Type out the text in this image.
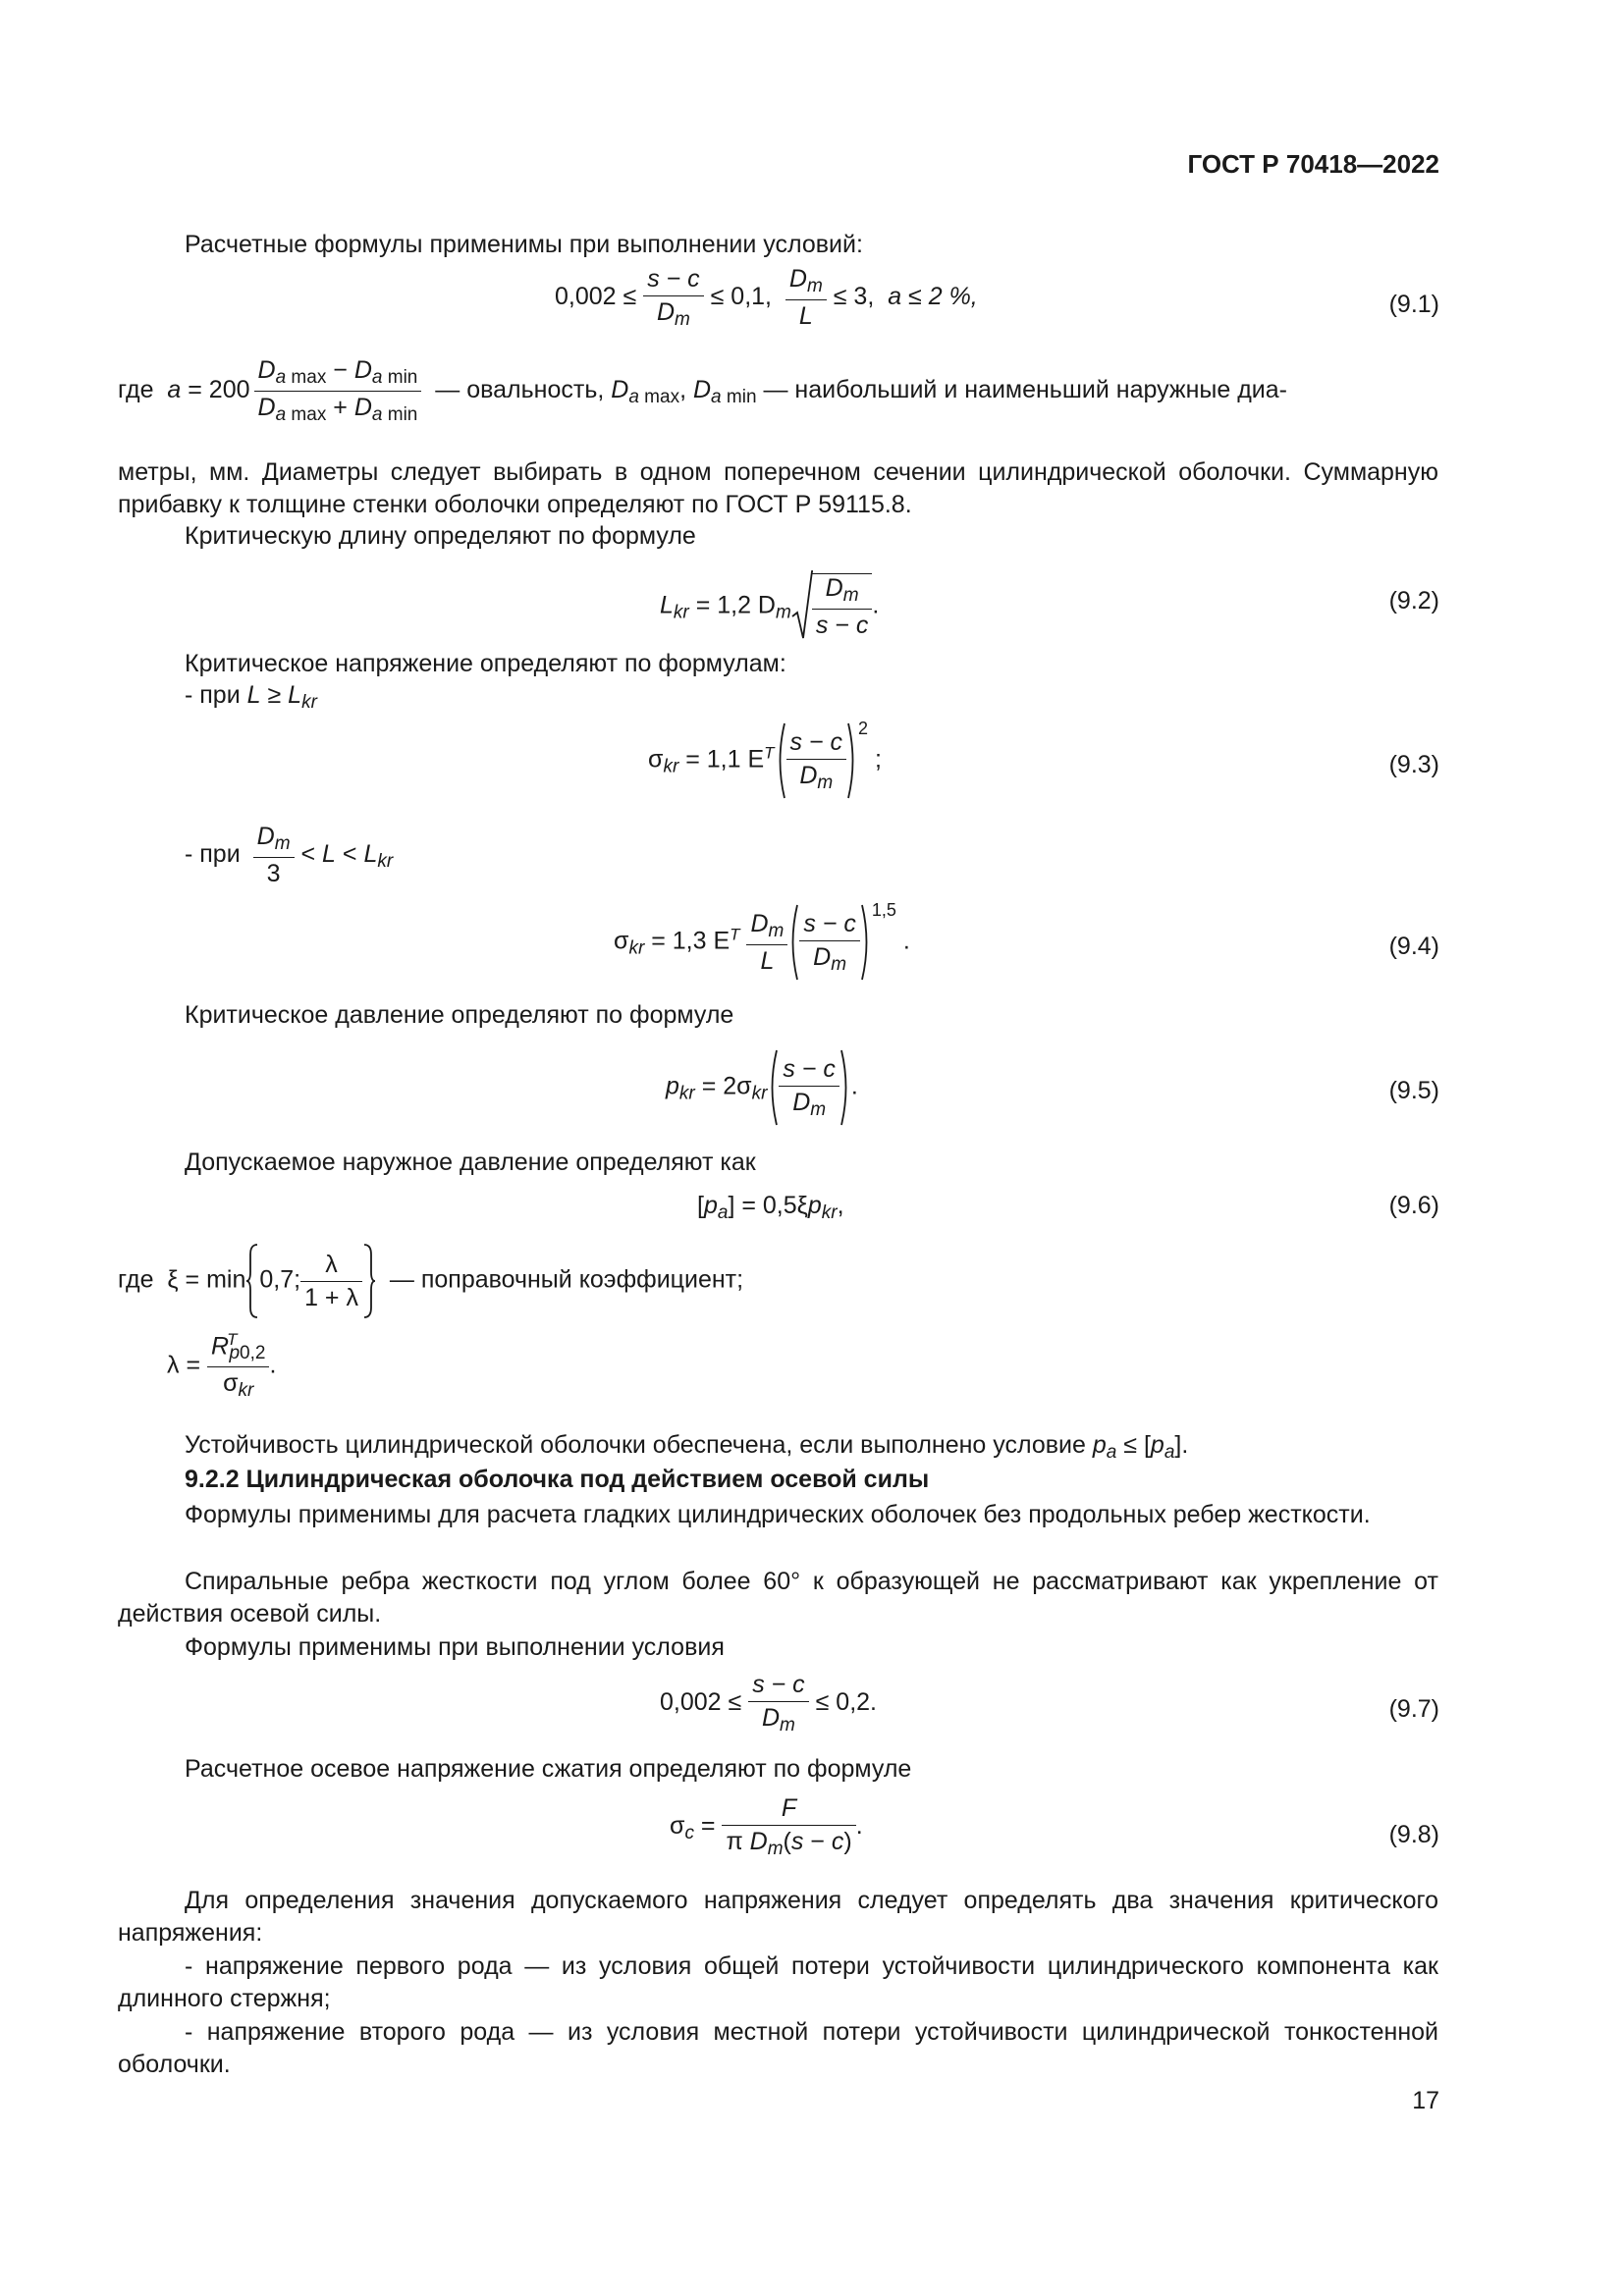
ГОСТ Р 70418—2022

Расчетные формулы применимы при выполнении условий:

$0,002 \le \frac{s - c}{D_m} \le 0,1$, $\frac{D_m}{L} \le 3$, a ≤ 2 %,	(9.1)
где a = 200
$D_{a max} - D_{a min}$
$D_{a max} + D_{a min}$
— овальность, $D_{a max}$, $D_{a min}$ — наибольший и наименьший наружные диа-

метры, мм. Диаметры следует выбирать в одном поперечном сечении цилиндрической оболочки. Суммарную прибавку к толщине стенки оболочки определяют по ГОСТ Р 59115.8.

Критическую длину определяют по формуле

$L_{kr} = 1,2$ $D_m \frac{D_m}{s - c}$ .	(9.2)

Критическое напряжение определяют по формулам:

- при $L \ge L_{kr}$
$\sigma_{kr} = 1,1$ $E^T \frac{s - c}{D_m} ^2$ ;	(9.3)
- при $\frac{D_m}{3} < L < L_{kr}$
$\sigma_{kr} = 1,3$ $E^T \frac{D_m}{L} \frac{s - c}{D_m} ^{1,5}$ .	(9.4)

Критическое давление определяют по формуле

$p_{kr} = 2\sigma_{kr} \frac{s - c}{D_m}$ .	(9.5)

Допускаемое наружное давление определяют как

$[p_a] = 0,5\xi p_{kr}$,	(9.6)
где ξ = min 0,7; $\frac{\lambda}{1 + \lambda}$ — поправочный коэффициент;
λ =
$R^T_{p0,2}$
$\sigma_{kr}$
.
Устойчивость цилиндрической оболочки обеспечена, если выполнено условие $p_a \le [p_a]$.
9.2.2 Цилиндрическая оболочка под действием осевой силы

Формулы применимы для расчета гладких цилиндрических оболочек без продольных ребер жесткости.

Спиральные ребра жесткости под углом более 60° к образующей не рассматривают как укрепление от действия осевой силы.

Формулы применимы при выполнении условия

$0,002 \le \frac{s - c}{D_m} \le 0,2$.	(9.7)

Расчетное осевое напряжение сжатия определяют по формуле

$\sigma_c = \frac{F}{\pi D_m(s - c)}$ .	(9.8)

Для определения значения допускаемого напряжения следует определять два значения критического напряжения:

- напряжение первого рода — из условия общей потери устойчивости цилиндрического компонента как длинного стержня;

- напряжение второго рода — из условия местной потери устойчивости цилиндрической тонкостенной оболочки.

17
